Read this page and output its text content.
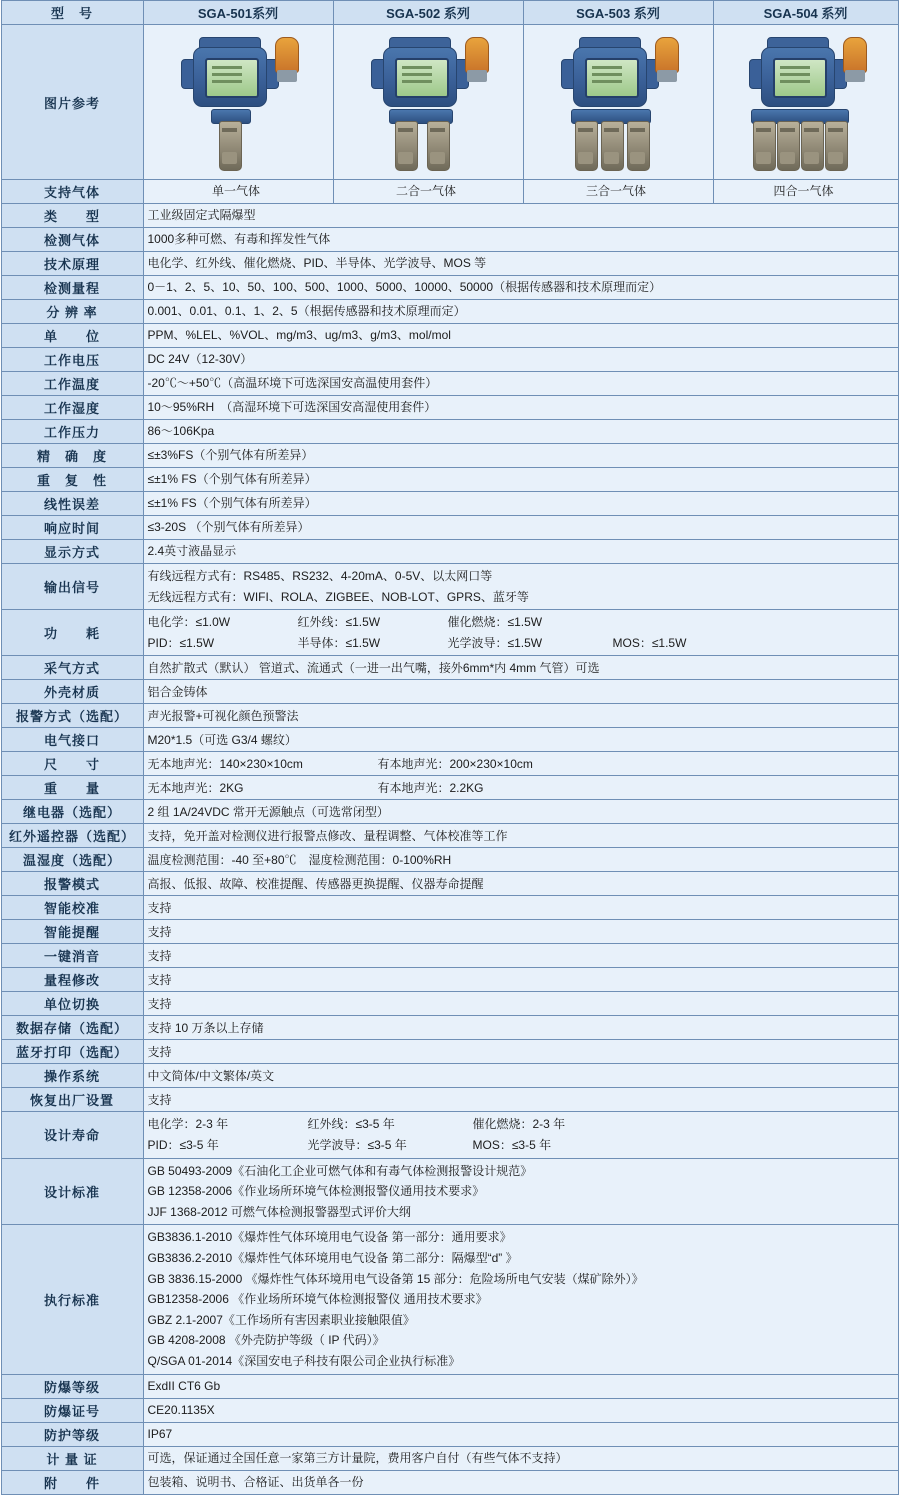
型　号	SGA-501系列	SGA-502 系列	SGA-503 系列	SGA-504 系列
图片参考	

支持气体	单一气体	二合一气体	三合一气体	四合一气体
类　　型	工业级固定式隔爆型			
检测气体	1000多种可燃、有毒和挥发性气体			
技术原理	电化学、红外线、催化燃烧、PID、半导体、光学波导、MOS 等			
检测量程	0－1、2、5、10、50、100、500、1000、5000、10000、50000（根据传感器和技术原理而定）			
分 辨 率	0.001、0.01、0.1、1、2、5（根据传感器和技术原理而定）			
单　　位	PPM、%LEL、%VOL、mg/m3、ug/m3、g/m3、mol/mol			
工作电压	DC 24V（12-30V）			
工作温度	-20℃～+50℃（高温环境下可选深国安高温使用套件）			
工作湿度	10～95%RH　（高湿环境下可选深国安高湿使用套件）			
工作压力	86～106Kpa			
精　确　度	≤±3%FS（个别气体有所差异）			
重　复　性	≤±1% FS（个别气体有所差异）			
线性误差	≤±1% FS（个别气体有所差异）			
响应时间	≤3-20S （个别气体有所差异）			
显示方式	2.4英寸液晶显示			
输出信号	有线远程方式有：RS485、RS232、4-20mA、0-5V、以太网口等
无线远程方式有：WIFI、ROLA、ZIGBEE、NOB-LOT、GPRS、蓝牙等			

功　　耗	
电化学：≤1.0W	红外线：≤1.5W	催化燃烧：≤1.5W
PID：≤1.5W	半导体：≤1.5W	光学波导：≤1.5W	MOS：≤1.5W

采气方式	自然扩散式（默认） 管道式、流通式（一进一出气嘴，接外6mm*内 4mm 气管）可选			
外壳材质	铝合金铸体			
报警方式（选配）	声光报警+可视化颜色预警法			
电气接口	M20*1.5（可选 G3/4 螺纹）			
尺　　寸	无本地声光：140×230×10cm 有本地声光：200×230×10cm			

重　　量	无本地声光：2KG 有本地声光：2.2KG			

继电器（选配）	2 组 1A/24VDC 常开无源触点（可选常闭型）			
红外遥控器（选配）	支持，免开盖对检测仪进行报警点修改、量程调整、气体校准等工作			
温湿度（选配）	温度检测范围：-40 至+80℃　湿度检测范围：0-100%RH			
报警模式	高报、低报、故障、校准提醒、传感器更换提醒、仪器寿命提醒			
智能校准	支持			
智能提醒	支持			
一键消音	支持			
量程修改	支持			
单位切换	支持			
数据存储（选配）	支持 10 万条以上存储			
蓝牙打印（选配）	支持			
操作系统	中文简体/中文繁体/英文			
恢复出厂设置	支持			
设计寿命	
电化学：2-3 年	红外线：≤3-5 年	催化燃烧：2-3 年
PID：≤3-5 年	光学波导：≤3-5 年	MOS：≤3-5 年

设计标准	GB 50493-2009《石油化工企业可燃气体和有毒气体检测报警设计规范》
GB 12358-2006《作业场所环境气体检测报警仪通用技术要求》
JJF 1368-2012 可燃气体检测报警器型式评价大纲			

执行标准	
GB3836.1-2010《爆炸性气体环境用电气设备 第一部分：通用要求》
GB3836.2-2010《爆炸性气体环境用电气设备 第二部分：隔爆型“d” 》
GB 3836.15-2000 《爆炸性气体环境用电气设备第 15 部分：危险场所电气安装（煤矿除外）》
GB12358-2006 《作业场所环境气体检测报警仪 通用技术要求》
GBZ 2.1-2007《工作场所有害因素职业接触限值》
GB 4208-2008 《外壳防护等级（ IP 代码）》
Q/SGA 01-2014《深国安电子科技有限公司企业执行标准》

防爆等级	ExdII CT6 Gb			
防爆证号	CE20.1135X			
防护等级	IP67			
计 量 证	可选，保证通过全国任意一家第三方计量院，费用客户自付（有些气体不支持）			
附　　件	包装箱、说明书、合格证、出货单各一份			
